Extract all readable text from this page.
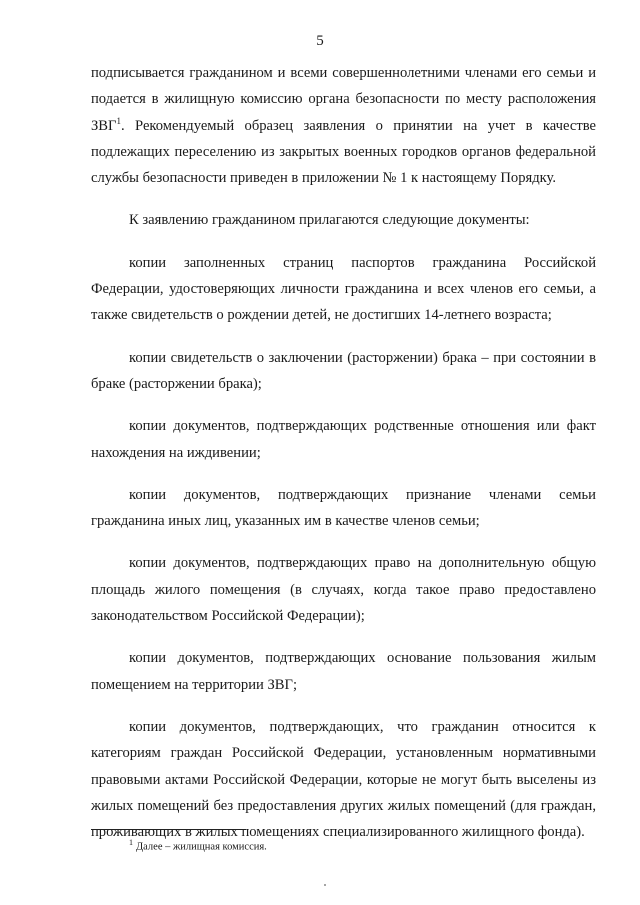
5

подписывается гражданином и всеми совершеннолетними членами его семьи и подается в жилищную комиссию органа безопасности по месту расположения ЗВГ$^1$. Рекомендуемый образец заявления о принятии на учет в качестве подлежащих переселению из закрытых военных городков органов федеральной службы безопасности приведен в приложении № 1 к настоящему Порядку.

К заявлению гражданином прилагаются следующие документы:

копии заполненных страниц паспортов гражданина Российской Федерации, удостоверяющих личности гражданина и всех членов его семьи, а также свидетельств о рождении детей, не достигших 14-летнего возраста;

копии свидетельств о заключении (расторжении) брака – при состоянии в браке (расторжении брака);

копии документов, подтверждающих родственные отношения или факт нахождения на иждивении;

копии документов, подтверждающих признание членами семьи гражданина иных лиц, указанных им в качестве членов семьи;

копии документов, подтверждающих право на дополнительную общую площадь жилого помещения (в случаях, когда такое право предоставлено законодательством Российской Федерации);

копии документов, подтверждающих основание пользования жилым помещением на территории ЗВГ;

копии документов, подтверждающих, что гражданин относится к категориям граждан Российской Федерации, установленным нормативными правовыми актами Российской Федерации, которые не могут быть выселены из жилых помещений без предоставления других жилых помещений (для граждан, проживающих в жилых помещениях специализированного жилищного фонда).

$^1$ Далее – жилищная комиссия.
